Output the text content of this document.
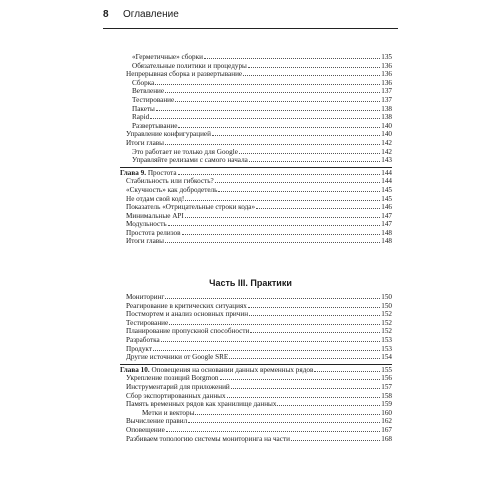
8 Оглавление
«Герметичные» сборки	135
Обязательные политики и процедуры	136
Непрерывная сборка и развертывание	136
Сборка	136
Ветвление	137
Тестирование	137
Пакеты	138
Rapid	138
Развертывание	140
Управление конфигурацией	140
Итоги главы	142
Это работает не только для Google	142
Управляйте релизами с самого начала	143
Глава 9. Простота	144
Стабильность или гибкость?	144
«Скучность» как добродетель	145
Не отдам свой код!	145
Показатель «Отрицательные строки кода»	146
Минимальные API	147
Модульность	147
Простота релизов	148
Итоги главы	148
Часть III. Практики
Мониторинг	150
Реагирование в критических ситуациях	150
Постмортем и анализ основных причин	152
Тестирование	152
Планирование пропускной способности	152
Разработка	153
Продукт	153
Другие источники от Google SRE	154
Глава 10. Оповещения на основании данных временных рядов	155
Укрепление позиций Borgmon	156
Инструментарий для приложений	157
Сбор экспортированных данных	158
Память временных рядов как хранилище данных	159
Метки и векторы	160
Вычисление правил	162
Оповещение	167
Разбиваем топологию системы мониторинга на части	168
